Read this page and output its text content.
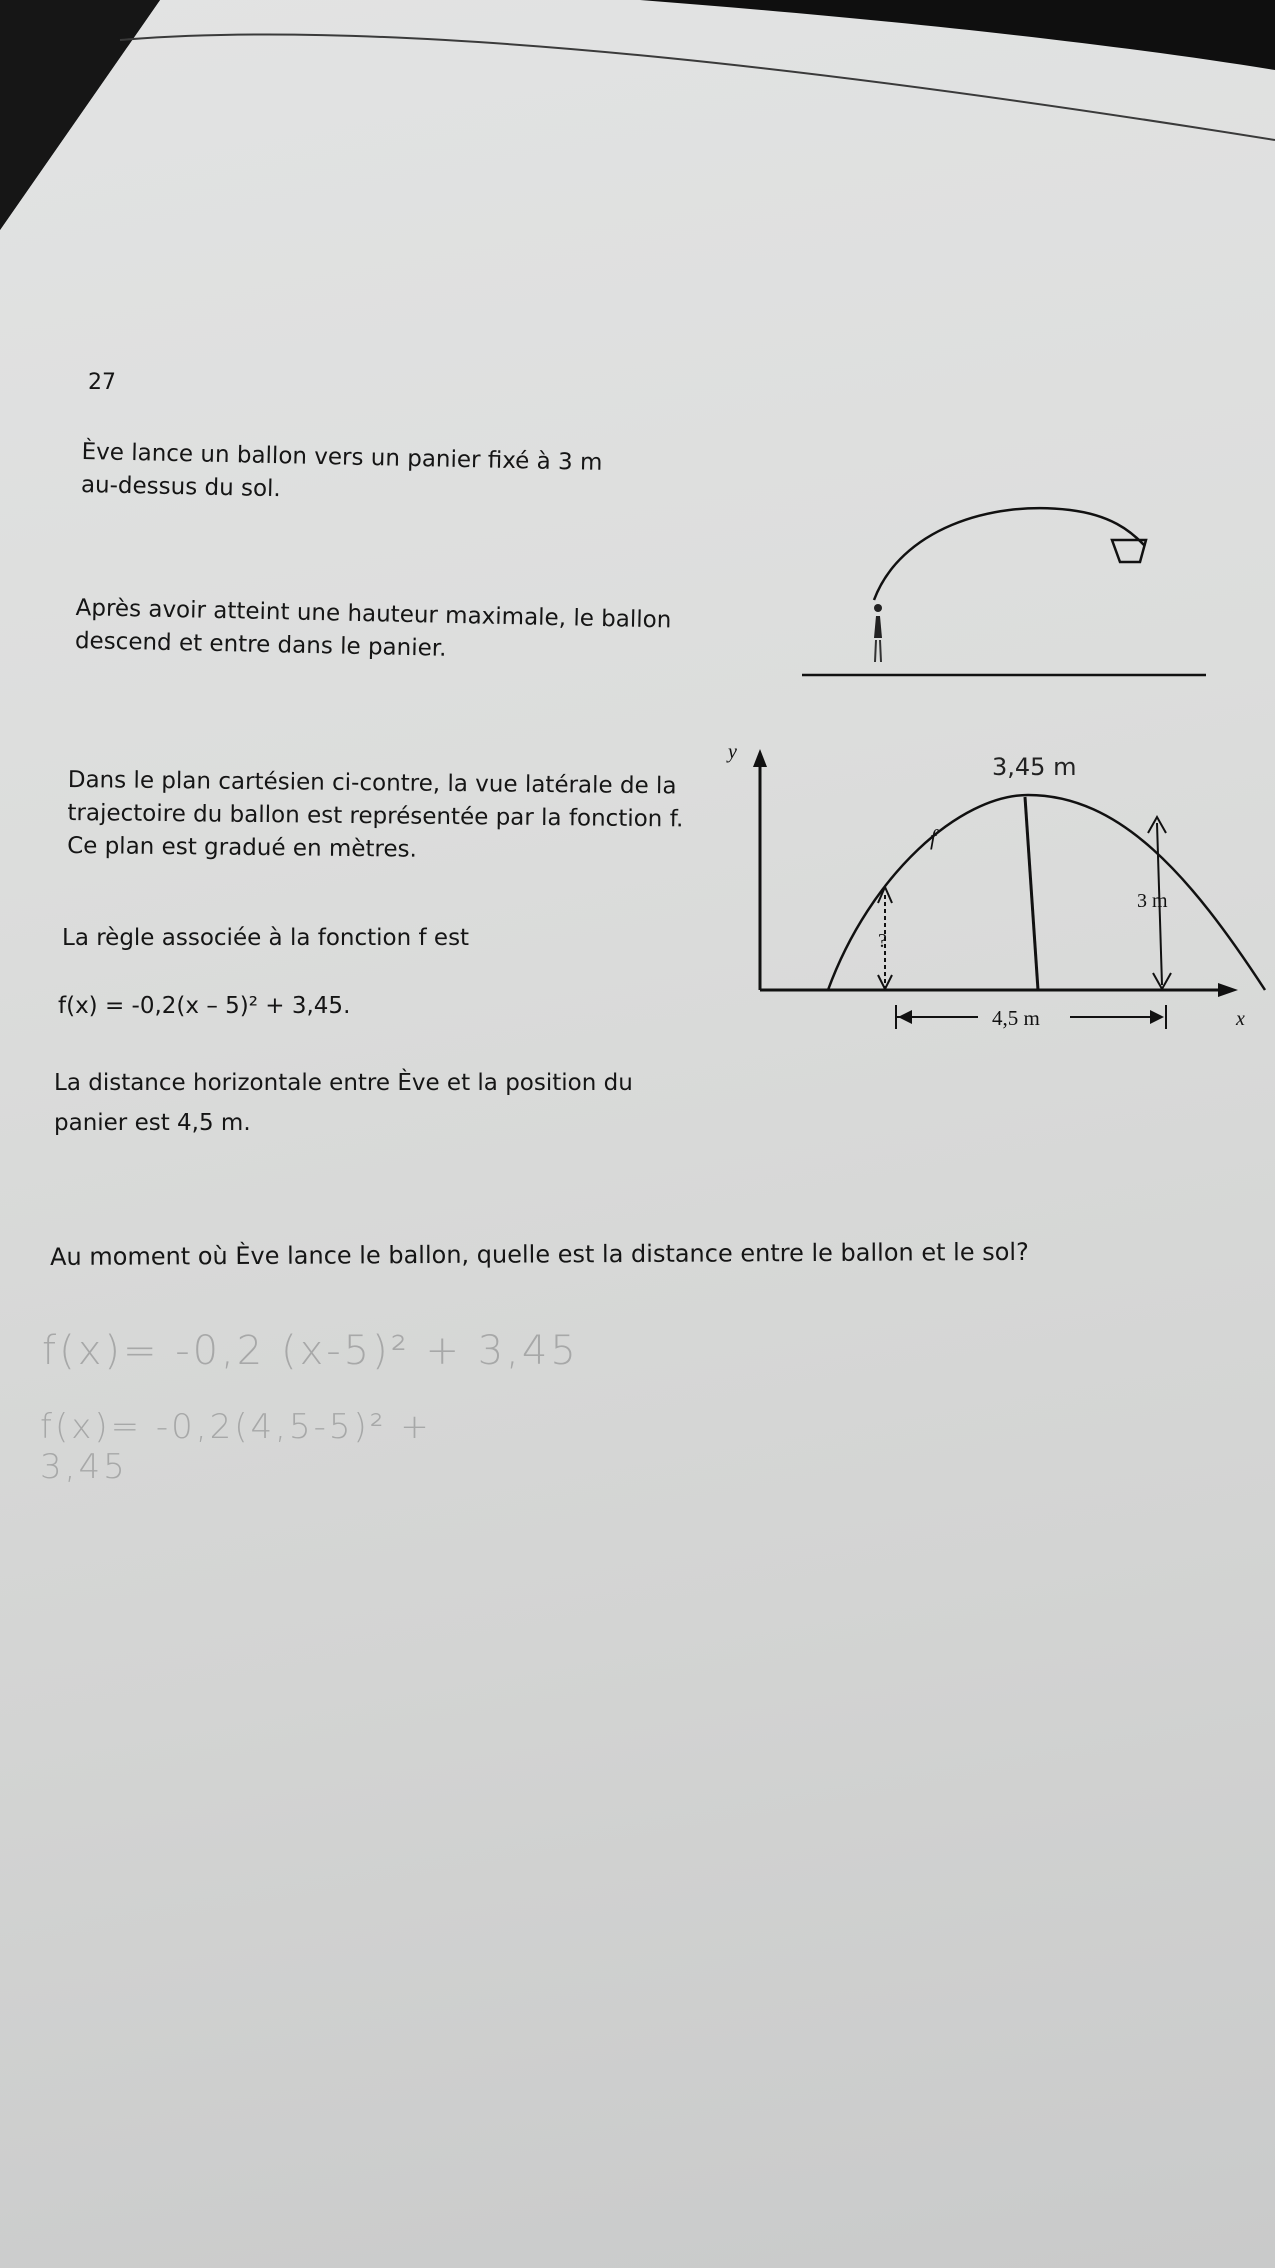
27
Ève lance un ballon vers un panier fixé à 3 m au-dessus du sol.
Après avoir atteint une hauteur maximale, le ballon descend et entre dans le panier.
Dans le plan cartésien ci-contre, la vue latérale de la trajectoire du ballon est représentée par la fonction f. Ce plan est gradué en mètres.
La règle associée à la fonction f est
f(x) = -0,2(x – 5)² + 3,45.
La distance horizontale entre Ève et la position du panier est 4,5 m.
Au moment où Ève lance le ballon, quelle est la distance entre le ballon et le sol?
f(x)= -0,2 (x-5)² + 3,45
f(x)= -0,2(4,5-5)² + 3,45
y
x
f
3,45 m
?
3 m
4,5 m
